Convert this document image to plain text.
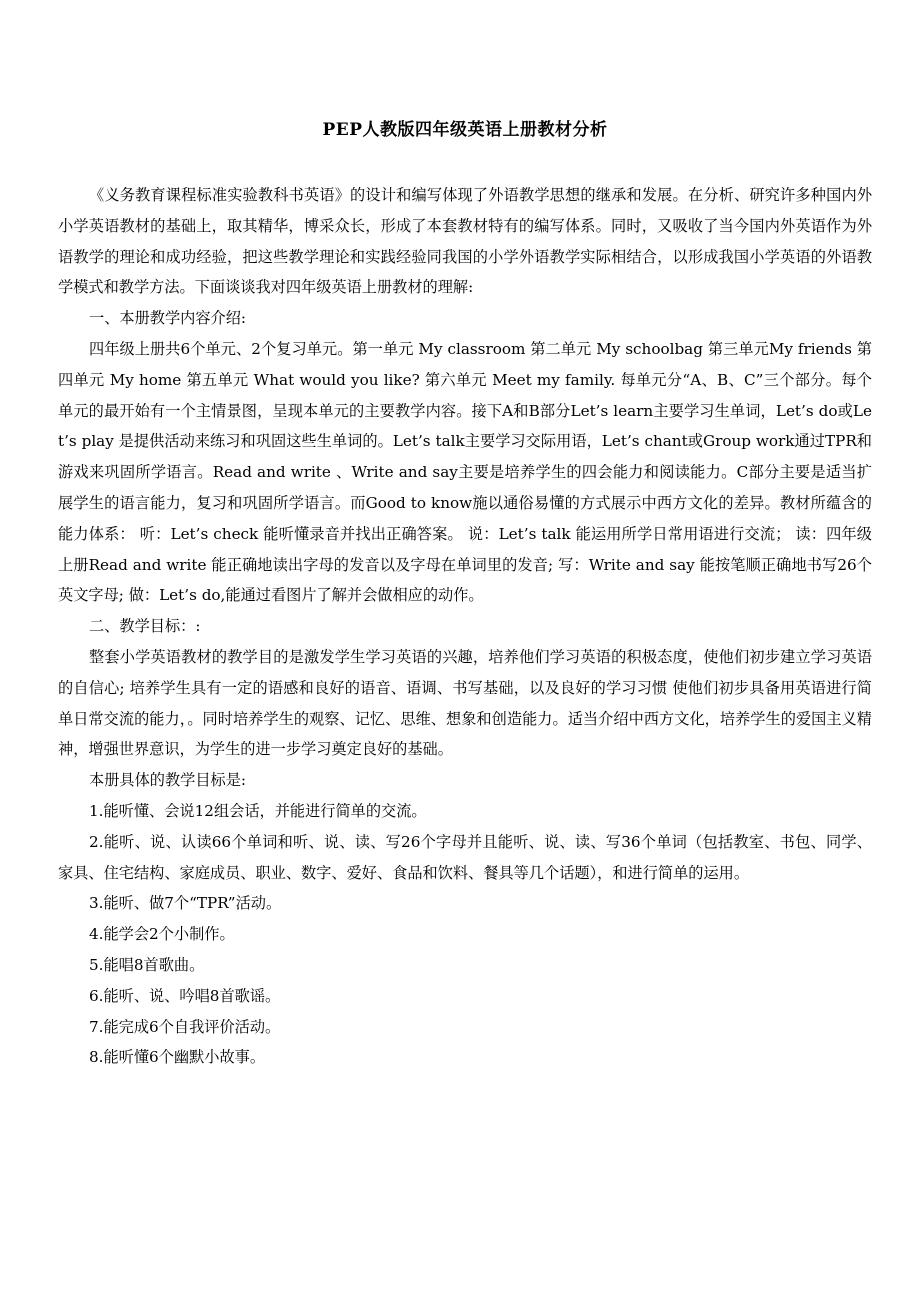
PEP人教版四年级英语上册教材分析

《义务教育课程标准实验教科书英语》的设计和编写体现了外语教学思想的继承和发展。在分析、研究许多种国内外小学英语教材的基础上，取其精华，博采众长，形成了本套教材特有的编写体系。同时，又吸收了当今国内外英语作为外语教学的理论和成功经验，把这些教学理论和实践经验同我国的小学外语教学实际相结合，以形成我国小学英语的外语教学模式和教学方法。下面谈谈我对四年级英语上册教材的理解:

一、本册教学内容介绍:

四年级上册共6个单元、2个复习单元。第一单元 My classroom 第二单元 My schoolbag 第三单元My friends 第四单元 My home 第五单元 What would you like? 第六单元 Meet my family. 每单元分“A、B、C”三个部分。每个单元的最开始有一个主情景图，呈现本单元的主要教学内容。接下A和B部分Let’s learn主要学习生单词，Let’s do或Let’s play 是提供活动来练习和巩固这些生单词的。Let’s talk主要学习交际用语，Let’s chant或Group work通过TPR和游戏来巩固所学语言。Read and write 、Write and say主要是培养学生的四会能力和阅读能力。C部分主要是适当扩展学生的语言能力，复习和巩固所学语言。而Good to know施以通俗易懂的方式展示中西方文化的差异。教材所蕴含的能力体系： 听：Let’s check 能听懂录音并找出正确答案。 说：Let’s talk 能运用所学日常用语进行交流； 读：四年级上册Read and write 能正确地读出字母的发音以及字母在单词里的发音; 写：Write and say 能按笔顺正确地书写26个英文字母; 做：Let’s do,能通过看图片了解并会做相应的动作。

二、教学目标：:

整套小学英语教材的教学目的是激发学生学习英语的兴趣，培养他们学习英语的积极态度，使他们初步建立学习英语的自信心; 培养学生具有一定的语感和良好的语音、语调、书写基础，以及良好的学习习惯 使他们初步具备用英语进行简单日常交流的能力，。同时培养学生的观察、记忆、思维、想象和创造能力。适当介绍中西方文化，培养学生的爱国主义精神，增强世界意识，为学生的进一步学习奠定良好的基础。

本册具体的教学目标是:

1.能听懂、会说12组会话，并能进行简单的交流。

2.能听、说、认读66个单词和听、说、读、写26个字母并且能听、说、读、写36个单词（包括教室、书包、同学、家具、住宅结构、家庭成员、职业、数字、爱好、食品和饮料、餐具等几个话题），和进行简单的运用。

3.能听、做7个“TPR”活动。

4.能学会2个小制作。

5.能唱8首歌曲。

6.能听、说、吟唱8首歌谣。

7.能完成6个自我评价活动。

8.能听懂6个幽默小故事。
